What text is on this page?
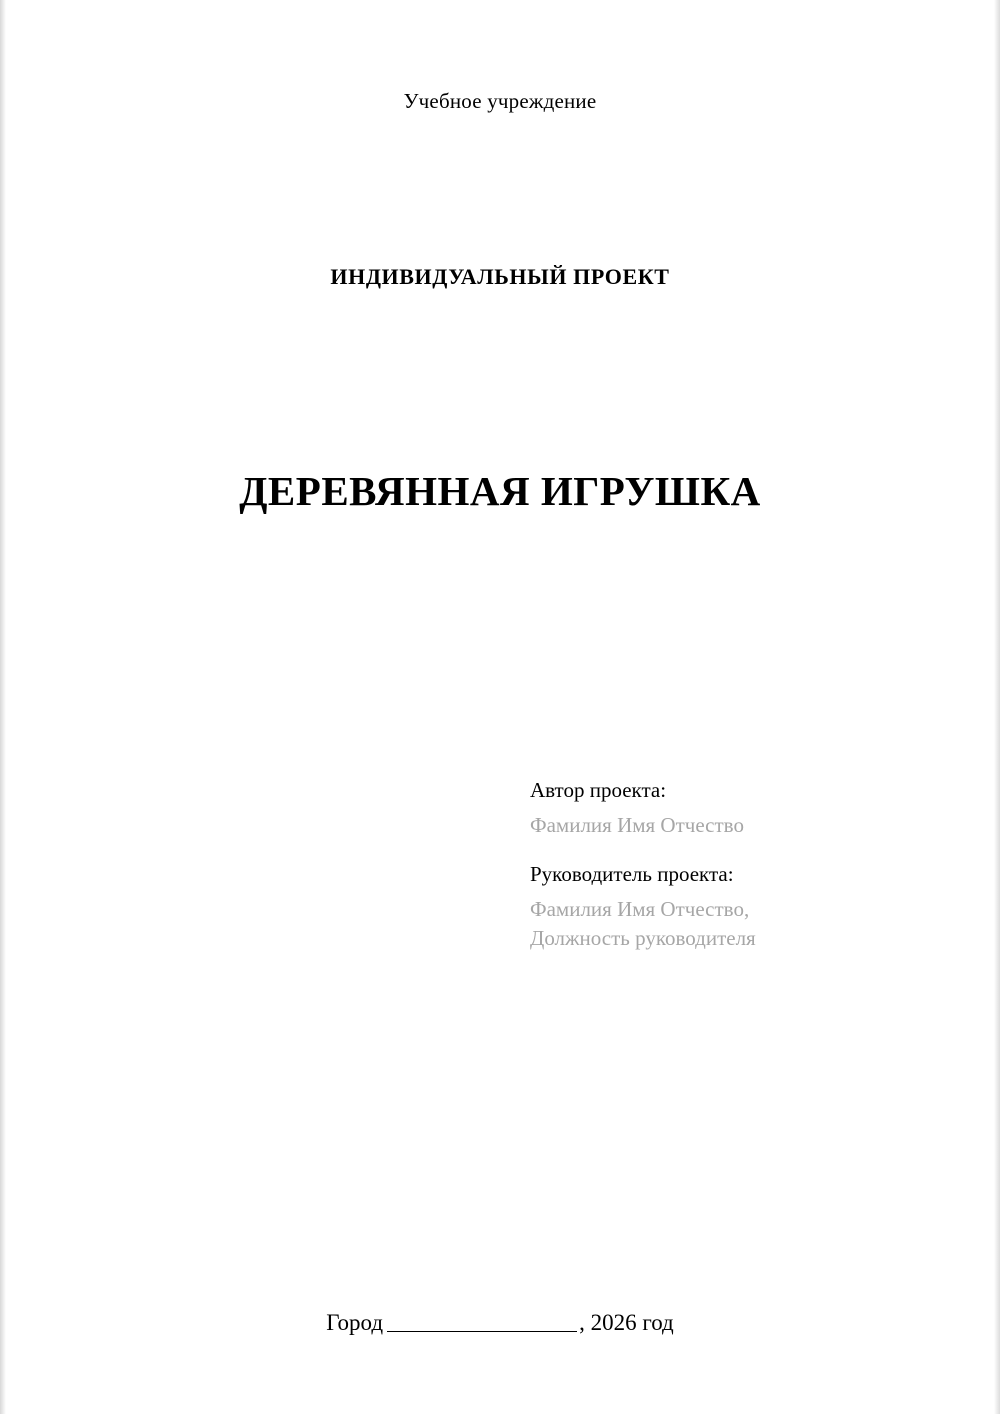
Учебное учреждение
ИНДИВИДУАЛЬНЫЙ ПРОЕКТ
ДЕРЕВЯННАЯ ИГРУШКА
Автор проекта:
Фамилия Имя Отчество
Руководитель проекта:
Фамилия Имя Отчество,
Должность руководителя
Город	, 2026 год
